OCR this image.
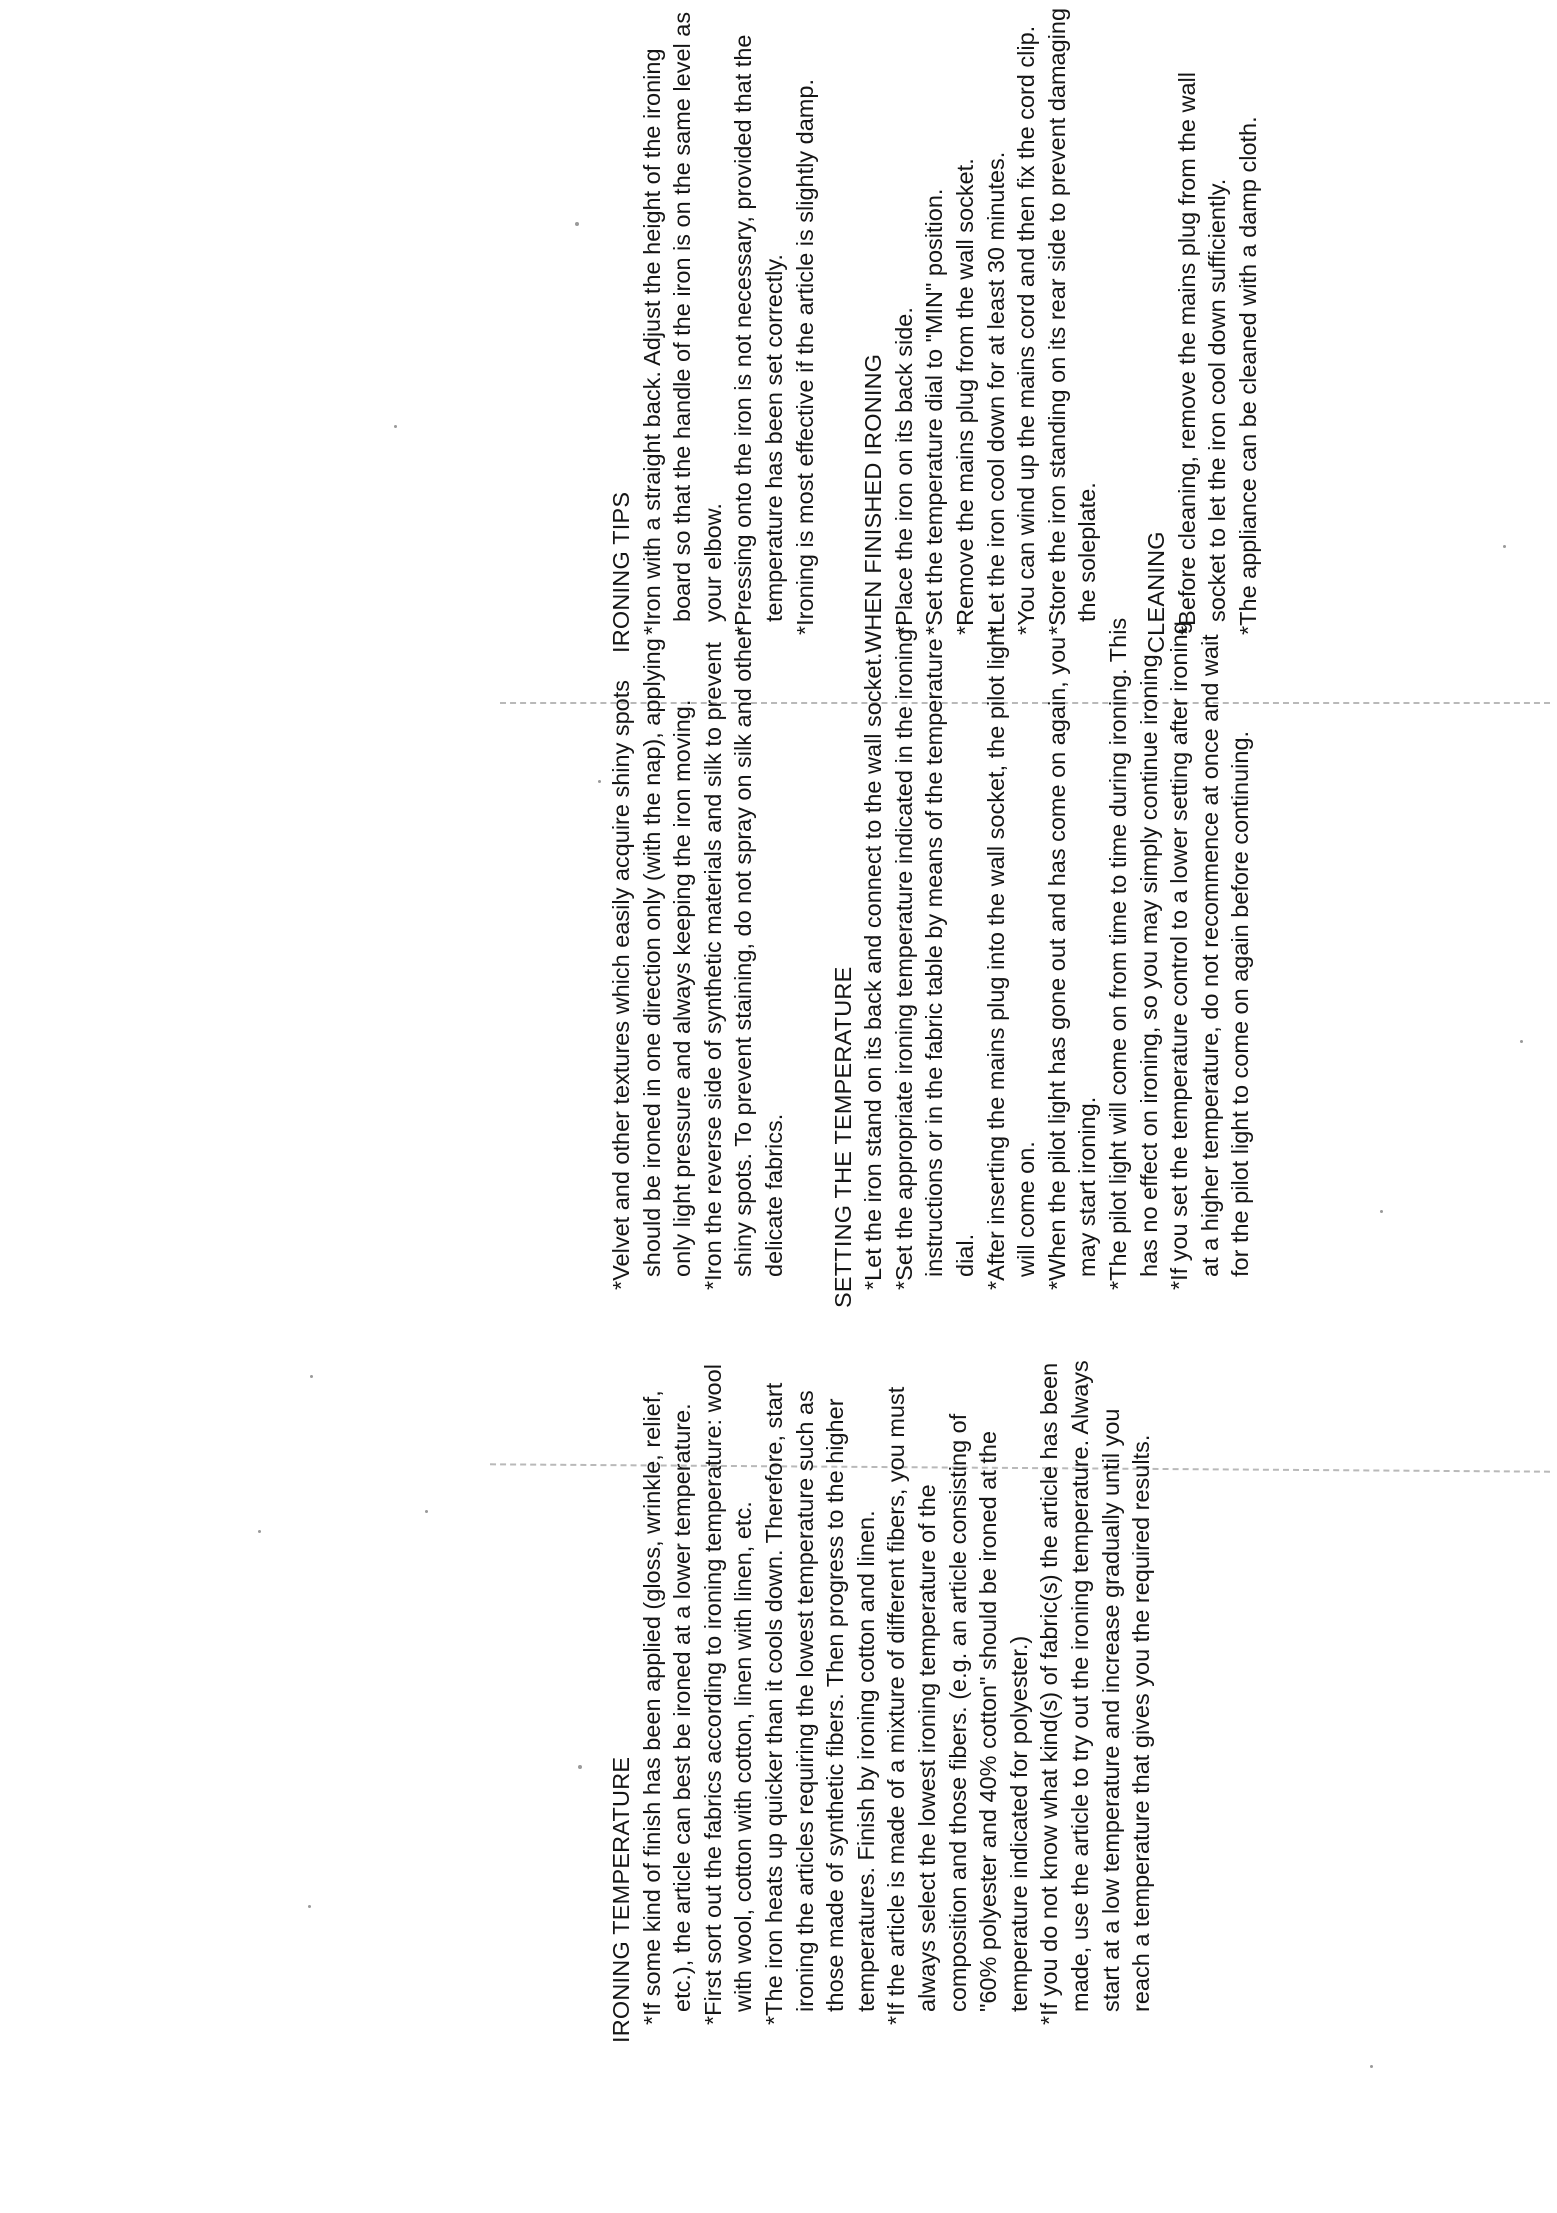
IRONING TEMPERATURE *If some kind of finish has been applied (gloss, wrinkle, relief, etc.), the article can best be ironed at a lower temperature. *First sort out the fabrics according to ironing temperature: wool with wool, cotton with cotton, linen with linen, etc. *The iron heats up quicker than it cools down. Therefore, start ironing the articles requiring the lowest temperature such as those made of synthetic fibers. Then progress to the higher temperatures. Finish by ironing cotton and linen. *If the article is made of a mixture of different fibers, you must always select the lowest ironing temperature of the composition and those fibers. (e.g. an article consisting of "60% polyester and 40% cotton" should be ironed at the temperature indicated for polyester.) *If you do not know what kind(s) of fabric(s) the article has been made, use the article to try out the ironing temperature. Always start at a low temperature and increase gradually until you reach a temperature that gives you the required results.

*Velvet and other textures which easily acquire shiny spots should be ironed in one direction only (with the nap), applying only light pressure and always keeping the iron moving. *Iron the reverse side of synthetic materials and silk to prevent shiny spots. To prevent staining, do not spray on silk and other delicate fabrics. SETTING THE TEMPERATURE *Let the iron stand on its back and connect to the wall socket. *Set the appropriate ironing temperature indicated in the ironing instructions or in the fabric table by means of the temperature dial. *After inserting the mains plug into the wall socket, the pilot light will come on. *When the pilot light has gone out and has come on again, you may start ironing. *The pilot light will come on from time to time during ironing. This has no effect on ironing, so you may simply continue ironing. *If you set the temperature control to a lower setting after ironing at a higher temperature, do not recommence at once and wait for the pilot light to come on again before continuing.

IRONING TIPS *Iron with a straight back. Adjust the height of the ironing board so that the handle of the iron is on the same level as your elbow. *Pressing onto the iron is not necessary, provided that the temperature has been set correctly. *Ironing is most effective if the article is slightly damp. WHEN FINISHED IRONING *Place the iron on its back side. *Set the temperature dial to "MIN" position. *Remove the mains plug from the wall socket. *Let the iron cool down for at least 30 minutes. *You can wind up the mains cord and then fix the cord clip. *Store the iron standing on its rear side to prevent damaging the soleplate. CLEANING *Before cleaning, remove the mains plug from the wall socket to let the iron cool down sufficiently. *The appliance can be cleaned with a damp cloth.
